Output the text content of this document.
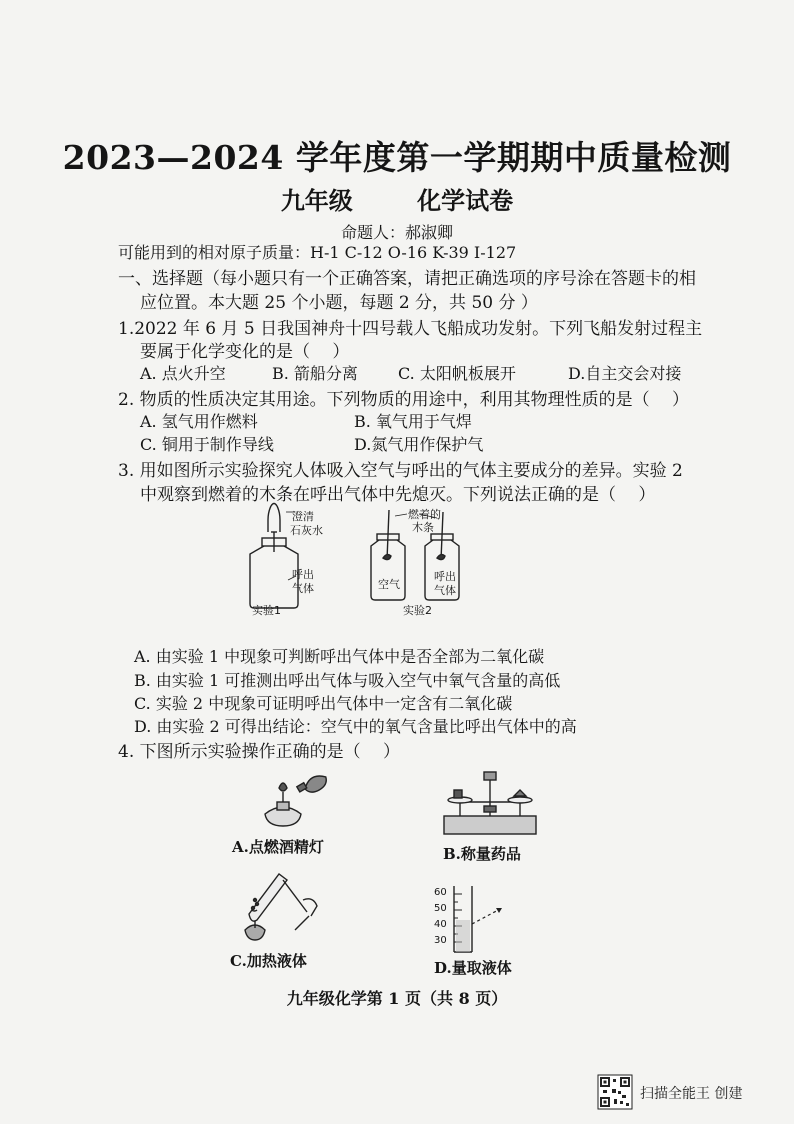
2023—2024 学年度第一学期期中质量检测
九年级	化学试卷
命题人：郝淑卿
可能用到的相对原子质量：H-1 C-12 O-16 K-39 I-127
一、选择题（每小题只有一个正确答案，请把正确选项的序号涂在答题卡的相
应位置。本大题 25 个小题，每题 2 分，共 50 分 ）
1.2022 年 6 月 5 日我国神舟十四号载人飞船成功发射。下列飞船发射过程主
要属于化学变化的是（　 ）
A. 点火升空	B. 箭船分离	C. 太阳帆板展开	D.自主交会对接
2. 物质的性质决定其用途。下列物质的用途中，利用其物理性质的是（　 ）
A. 氢气用作燃料	B. 氧气用于气焊
C. 铜用于制作导线	D.氮气用作保护气
3. 用如图所示实验探究人体吸入空气与呼出的气体主要成分的差异。实验 2
中观察到燃着的木条在呼出气体中先熄灭。下列说法正确的是（　 ）
澄清
石灰水
呼出
气体
实验1
燃着的
木条
空气
呼出
气体
实验2
A. 由实验 1 中现象可判断呼出气体中是否全部为二氧化碳
B. 由实验 1 可推测出呼出气体与吸入空气中氧气含量的高低
C. 实验 2 中现象可证明呼出气体中一定含有二氧化碳
D. 由实验 2 可得出结论：空气中的氧气含量比呼出气体中的高
4. 下图所示实验操作正确的是（　 ）
A.点燃酒精灯	B.称量药品
C.加热液体
60
50
40
30
D.量取液体
九年级化学第 1 页（共 8 页）
扫描全能王 创建
